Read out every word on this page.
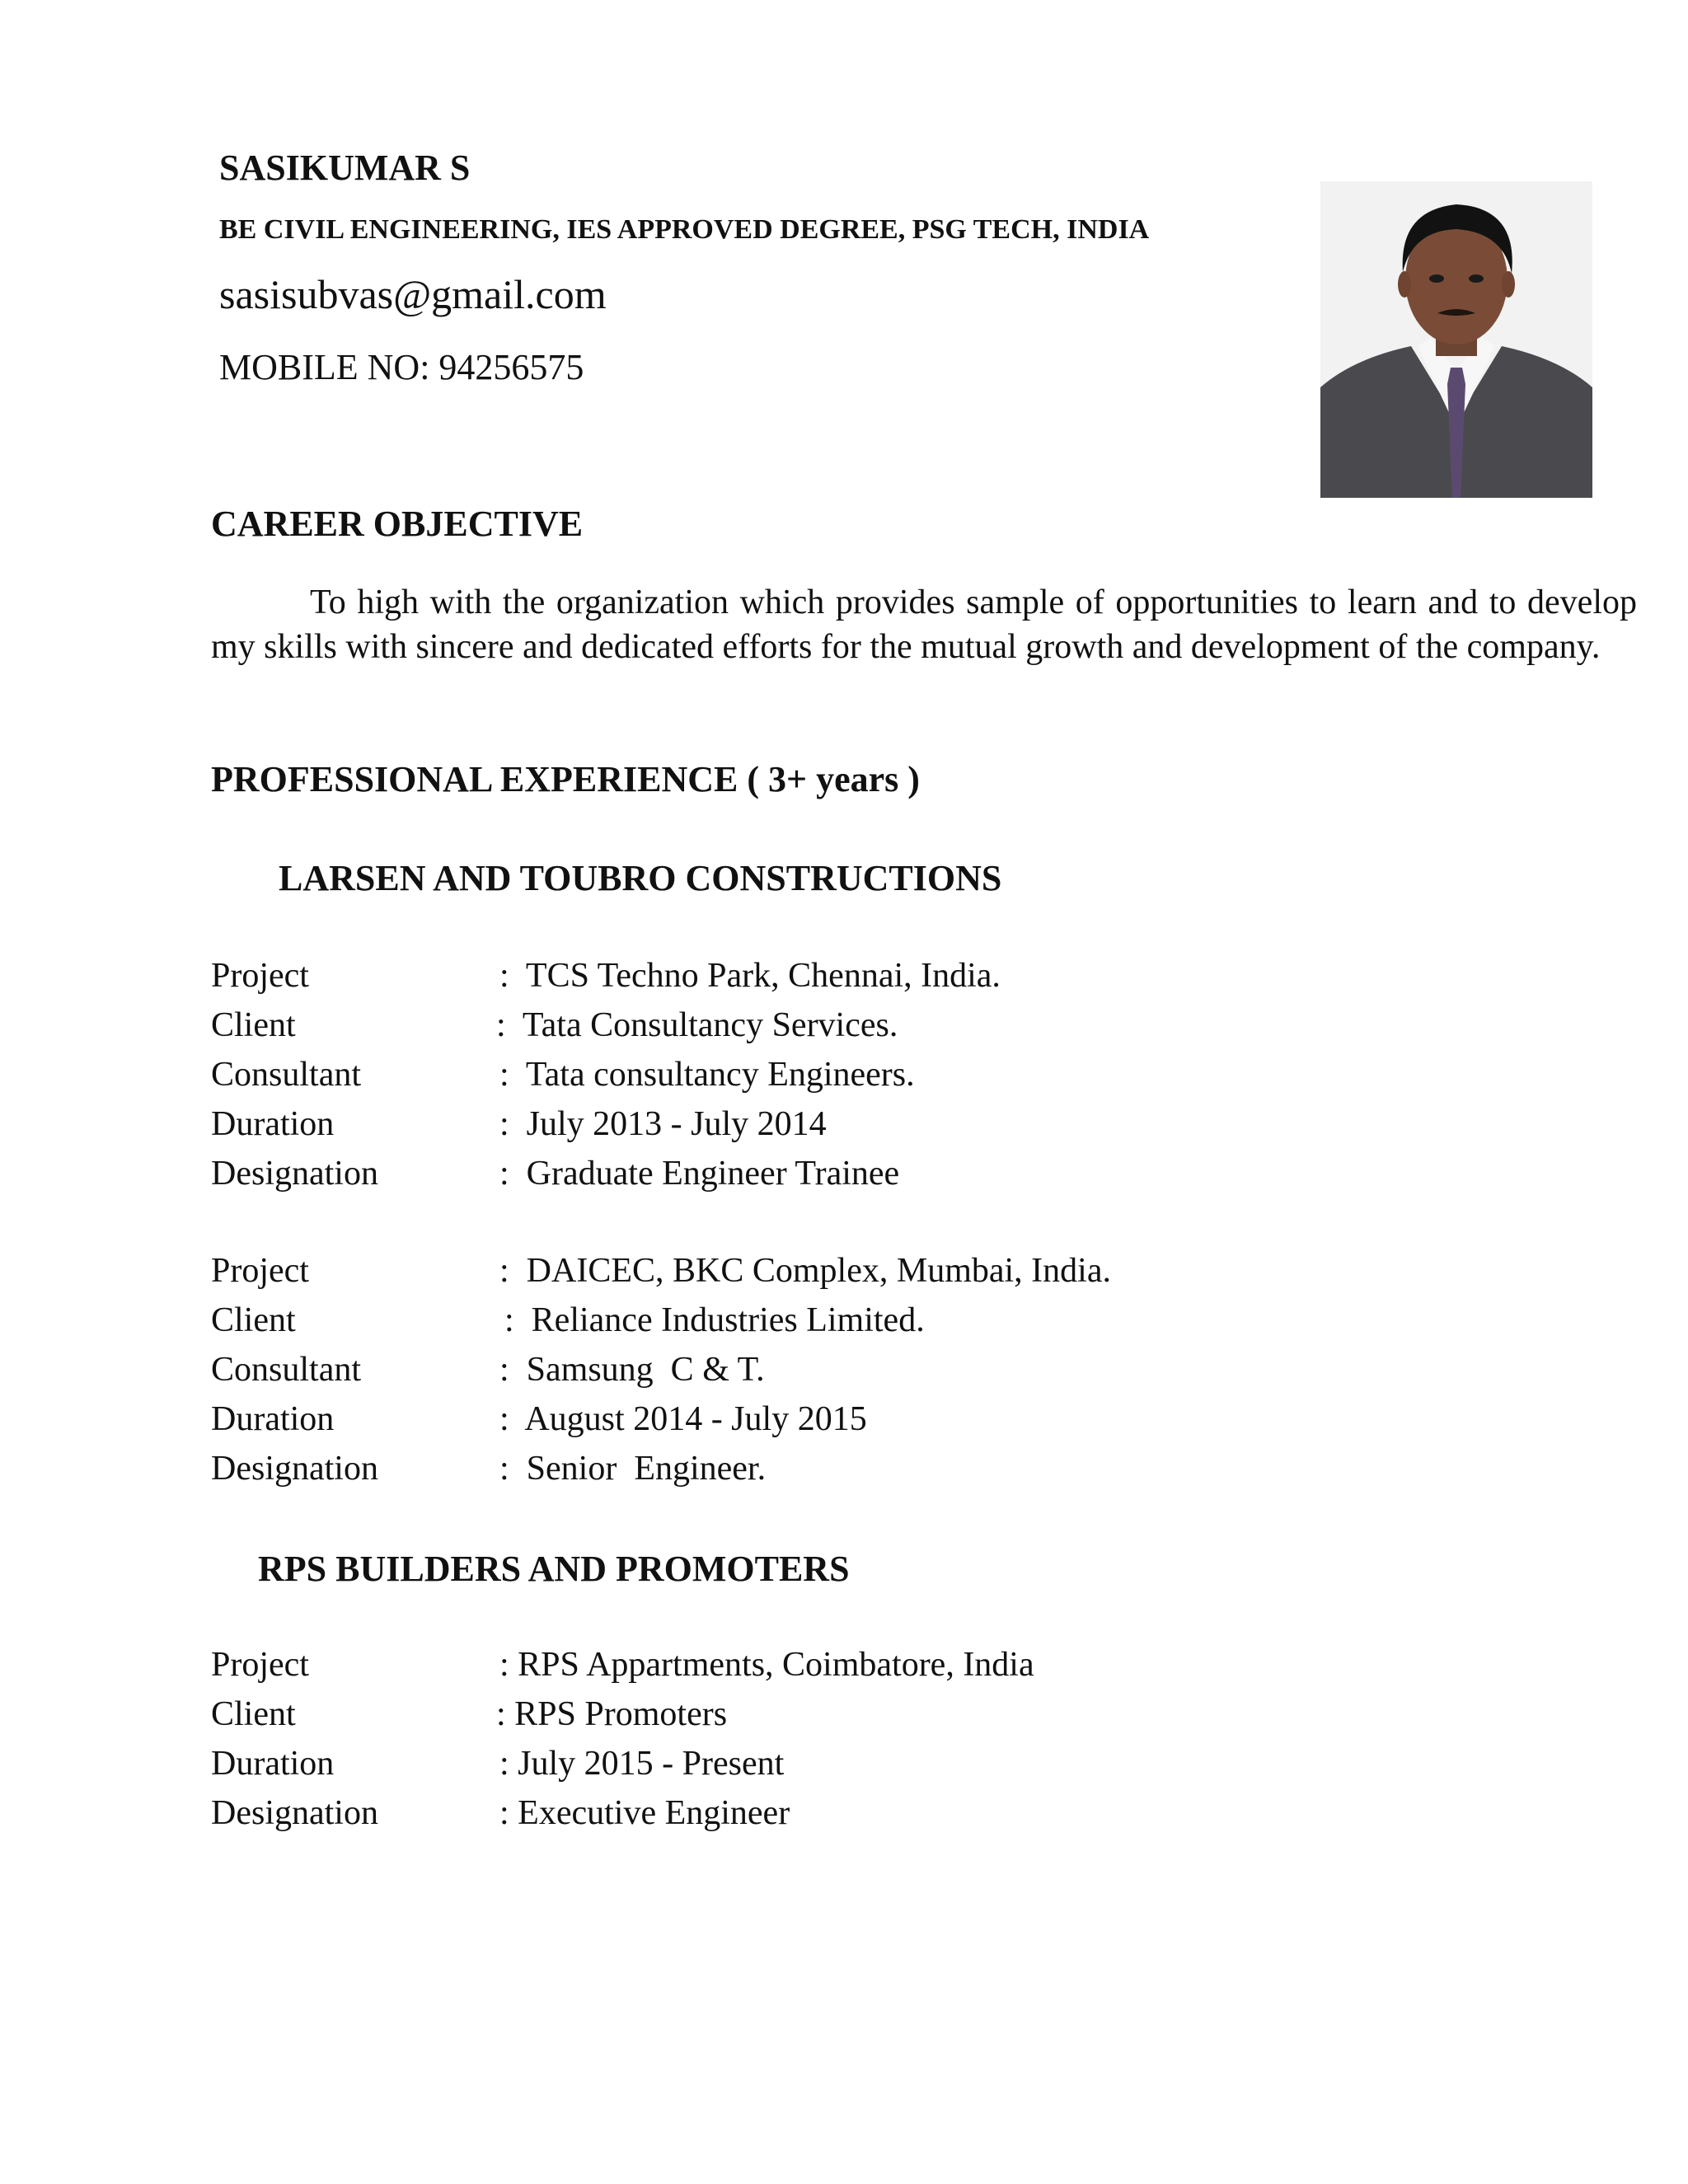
SASIKUMAR S
BE CIVIL ENGINEERING, IES APPROVED DEGREE, PSG TECH, INDIA
sasisubvas@gmail.com
MOBILE NO: 94256575
CAREER OBJECTIVE
To high with the organization which provides sample of opportunities to learn and to develop my skills with sincere and dedicated efforts for the mutual growth and development of the company.
PROFESSIONAL EXPERIENCE ( 3+ years )
LARSEN AND TOUBRO CONSTRUCTIONS
Project	:  TCS Techno Park, Chennai, India.
Client	:  Tata Consultancy Services.
Consultant	:  Tata consultancy Engineers.
Duration	:  July 2013 - July 2014
Designation	:  Graduate Engineer Trainee
Project	:  DAICEC, BKC Complex, Mumbai, India.
Client	:  Reliance Industries Limited.
Consultant	:  Samsung  C & T.
Duration	:  August 2014 - July 2015
Designation	:  Senior  Engineer.
RPS BUILDERS AND PROMOTERS
Project	: RPS Appartments, Coimbatore, India
Client	: RPS Promoters
Duration	: July 2015 - Present
Designation	: Executive Engineer
